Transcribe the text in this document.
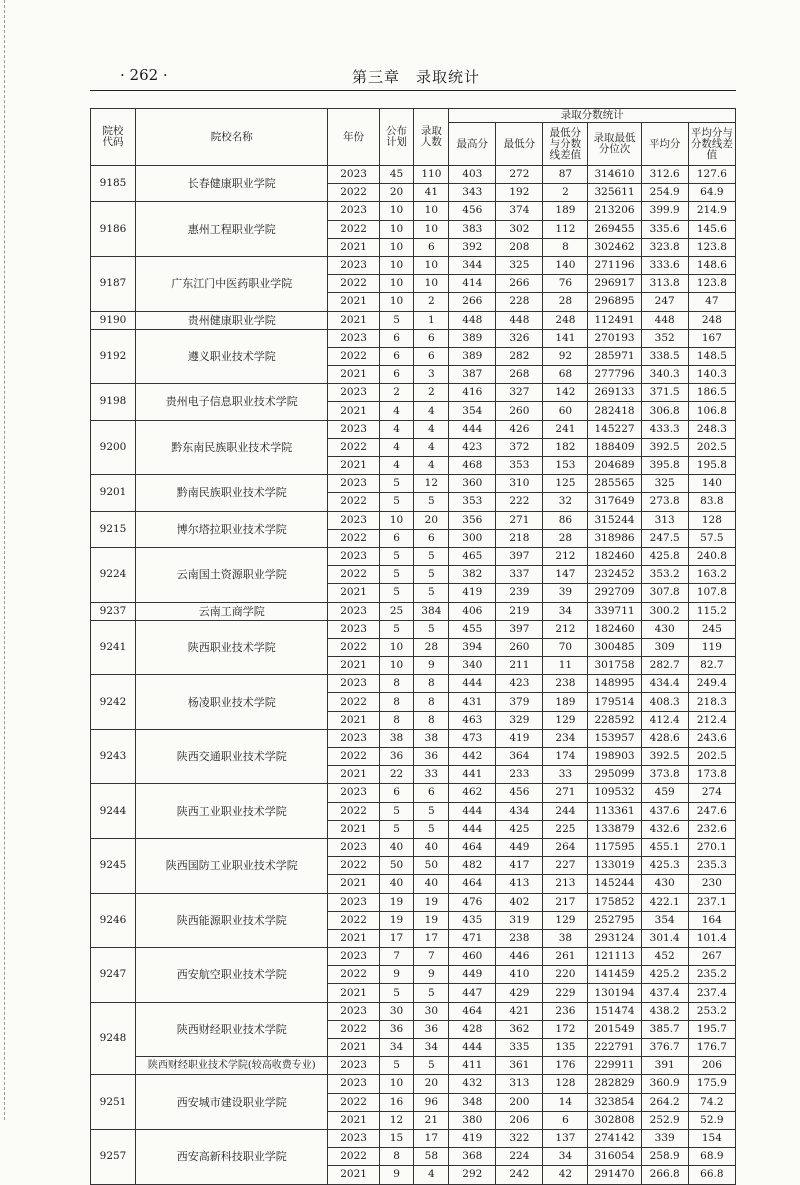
· 262 ·	第三章　录取统计
院校代码	院校名称	年份	公布计划	录取人数	录取分数统计					
					最高分	最低分	最低分与分数线差值	录取最低分位次	平均分	平均分与分数线差值
9185	长春健康职业学院	2023	45	110	403	272	87	314610	312.6	127.6
		2022	20	41	343	192	2	325611	254.9	64.9
9186	惠州工程职业学院	2023	10	10	456	374	189	213206	399.9	214.9
		2022	10	10	383	302	112	269455	335.6	145.6
		2021	10	6	392	208	8	302462	323.8	123.8
9187	广东江门中医药职业学院	2023	10	10	344	325	140	271196	333.6	148.6
		2022	10	10	414	266	76	296917	313.8	123.8
		2021	10	2	266	228	28	296895	247	47
9190	贵州健康职业学院	2021	5	1	448	448	248	112491	448	248
9192	遵义职业技术学院	2023	6	6	389	326	141	270193	352	167
		2022	6	6	389	282	92	285971	338.5	148.5
		2021	6	3	387	268	68	277796	340.3	140.3
9198	贵州电子信息职业技术学院	2023	2	2	416	327	142	269133	371.5	186.5
		2021	4	4	354	260	60	282418	306.8	106.8
9200	黔东南民族职业技术学院	2023	4	4	444	426	241	145227	433.3	248.3
		2022	4	4	423	372	182	188409	392.5	202.5
		2021	4	4	468	353	153	204689	395.8	195.8
9201	黔南民族职业技术学院	2023	5	12	360	310	125	285565	325	140
		2022	5	5	353	222	32	317649	273.8	83.8
9215	博尔塔拉职业技术学院	2023	10	20	356	271	86	315244	313	128
		2022	6	6	300	218	28	318986	247.5	57.5
9224	云南国土资源职业学院	2023	5	5	465	397	212	182460	425.8	240.8
		2022	5	5	382	337	147	232452	353.2	163.2
		2021	5	5	419	239	39	292709	307.8	107.8
9237	云南工商学院	2023	25	384	406	219	34	339711	300.2	115.2
9241	陕西职业技术学院	2023	5	5	455	397	212	182460	430	245
		2022	10	28	394	260	70	300485	309	119
		2021	10	9	340	211	11	301758	282.7	82.7
9242	杨凌职业技术学院	2023	8	8	444	423	238	148995	434.4	249.4
		2022	8	8	431	379	189	179514	408.3	218.3
		2021	8	8	463	329	129	228592	412.4	212.4
9243	陕西交通职业技术学院	2023	38	38	473	419	234	153957	428.6	243.6
		2022	36	36	442	364	174	198903	392.5	202.5
		2021	22	33	441	233	33	295099	373.8	173.8
9244	陕西工业职业技术学院	2023	6	6	462	456	271	109532	459	274
		2022	5	5	444	434	244	113361	437.6	247.6
		2021	5	5	444	425	225	133879	432.6	232.6
9245	陕西国防工业职业技术学院	2023	40	40	464	449	264	117595	455.1	270.1
		2022	50	50	482	417	227	133019	425.3	235.3
		2021	40	40	464	413	213	145244	430	230
9246	陕西能源职业技术学院	2023	19	19	476	402	217	175852	422.1	237.1
		2022	19	19	435	319	129	252795	354	164
		2021	17	17	471	238	38	293124	301.4	101.4
9247	西安航空职业技术学院	2023	7	7	460	446	261	121113	452	267
		2022	9	9	449	410	220	141459	425.2	235.2
		2021	5	5	447	429	229	130194	437.4	237.4
9248	陕西财经职业技术学院	2023	30	30	464	421	236	151474	438.2	253.2
		2022	36	36	428	362	172	201549	385.7	195.7
		2021	34	34	444	335	135	222791	376.7	176.7
	陕西财经职业技术学院(较高收费专业)	2023	5	5	411	361	176	229911	391	206
9251	西安城市建设职业学院	2023	10	20	432	313	128	282829	360.9	175.9
		2022	16	96	348	200	14	323854	264.2	74.2
		2021	12	21	380	206	6	302808	252.9	52.9
9257	西安高新科技职业学院	2023	15	17	419	322	137	274142	339	154
		2022	8	58	368	224	34	316054	258.9	68.9
		2021	9	4	292	242	42	291470	266.8	66.8
